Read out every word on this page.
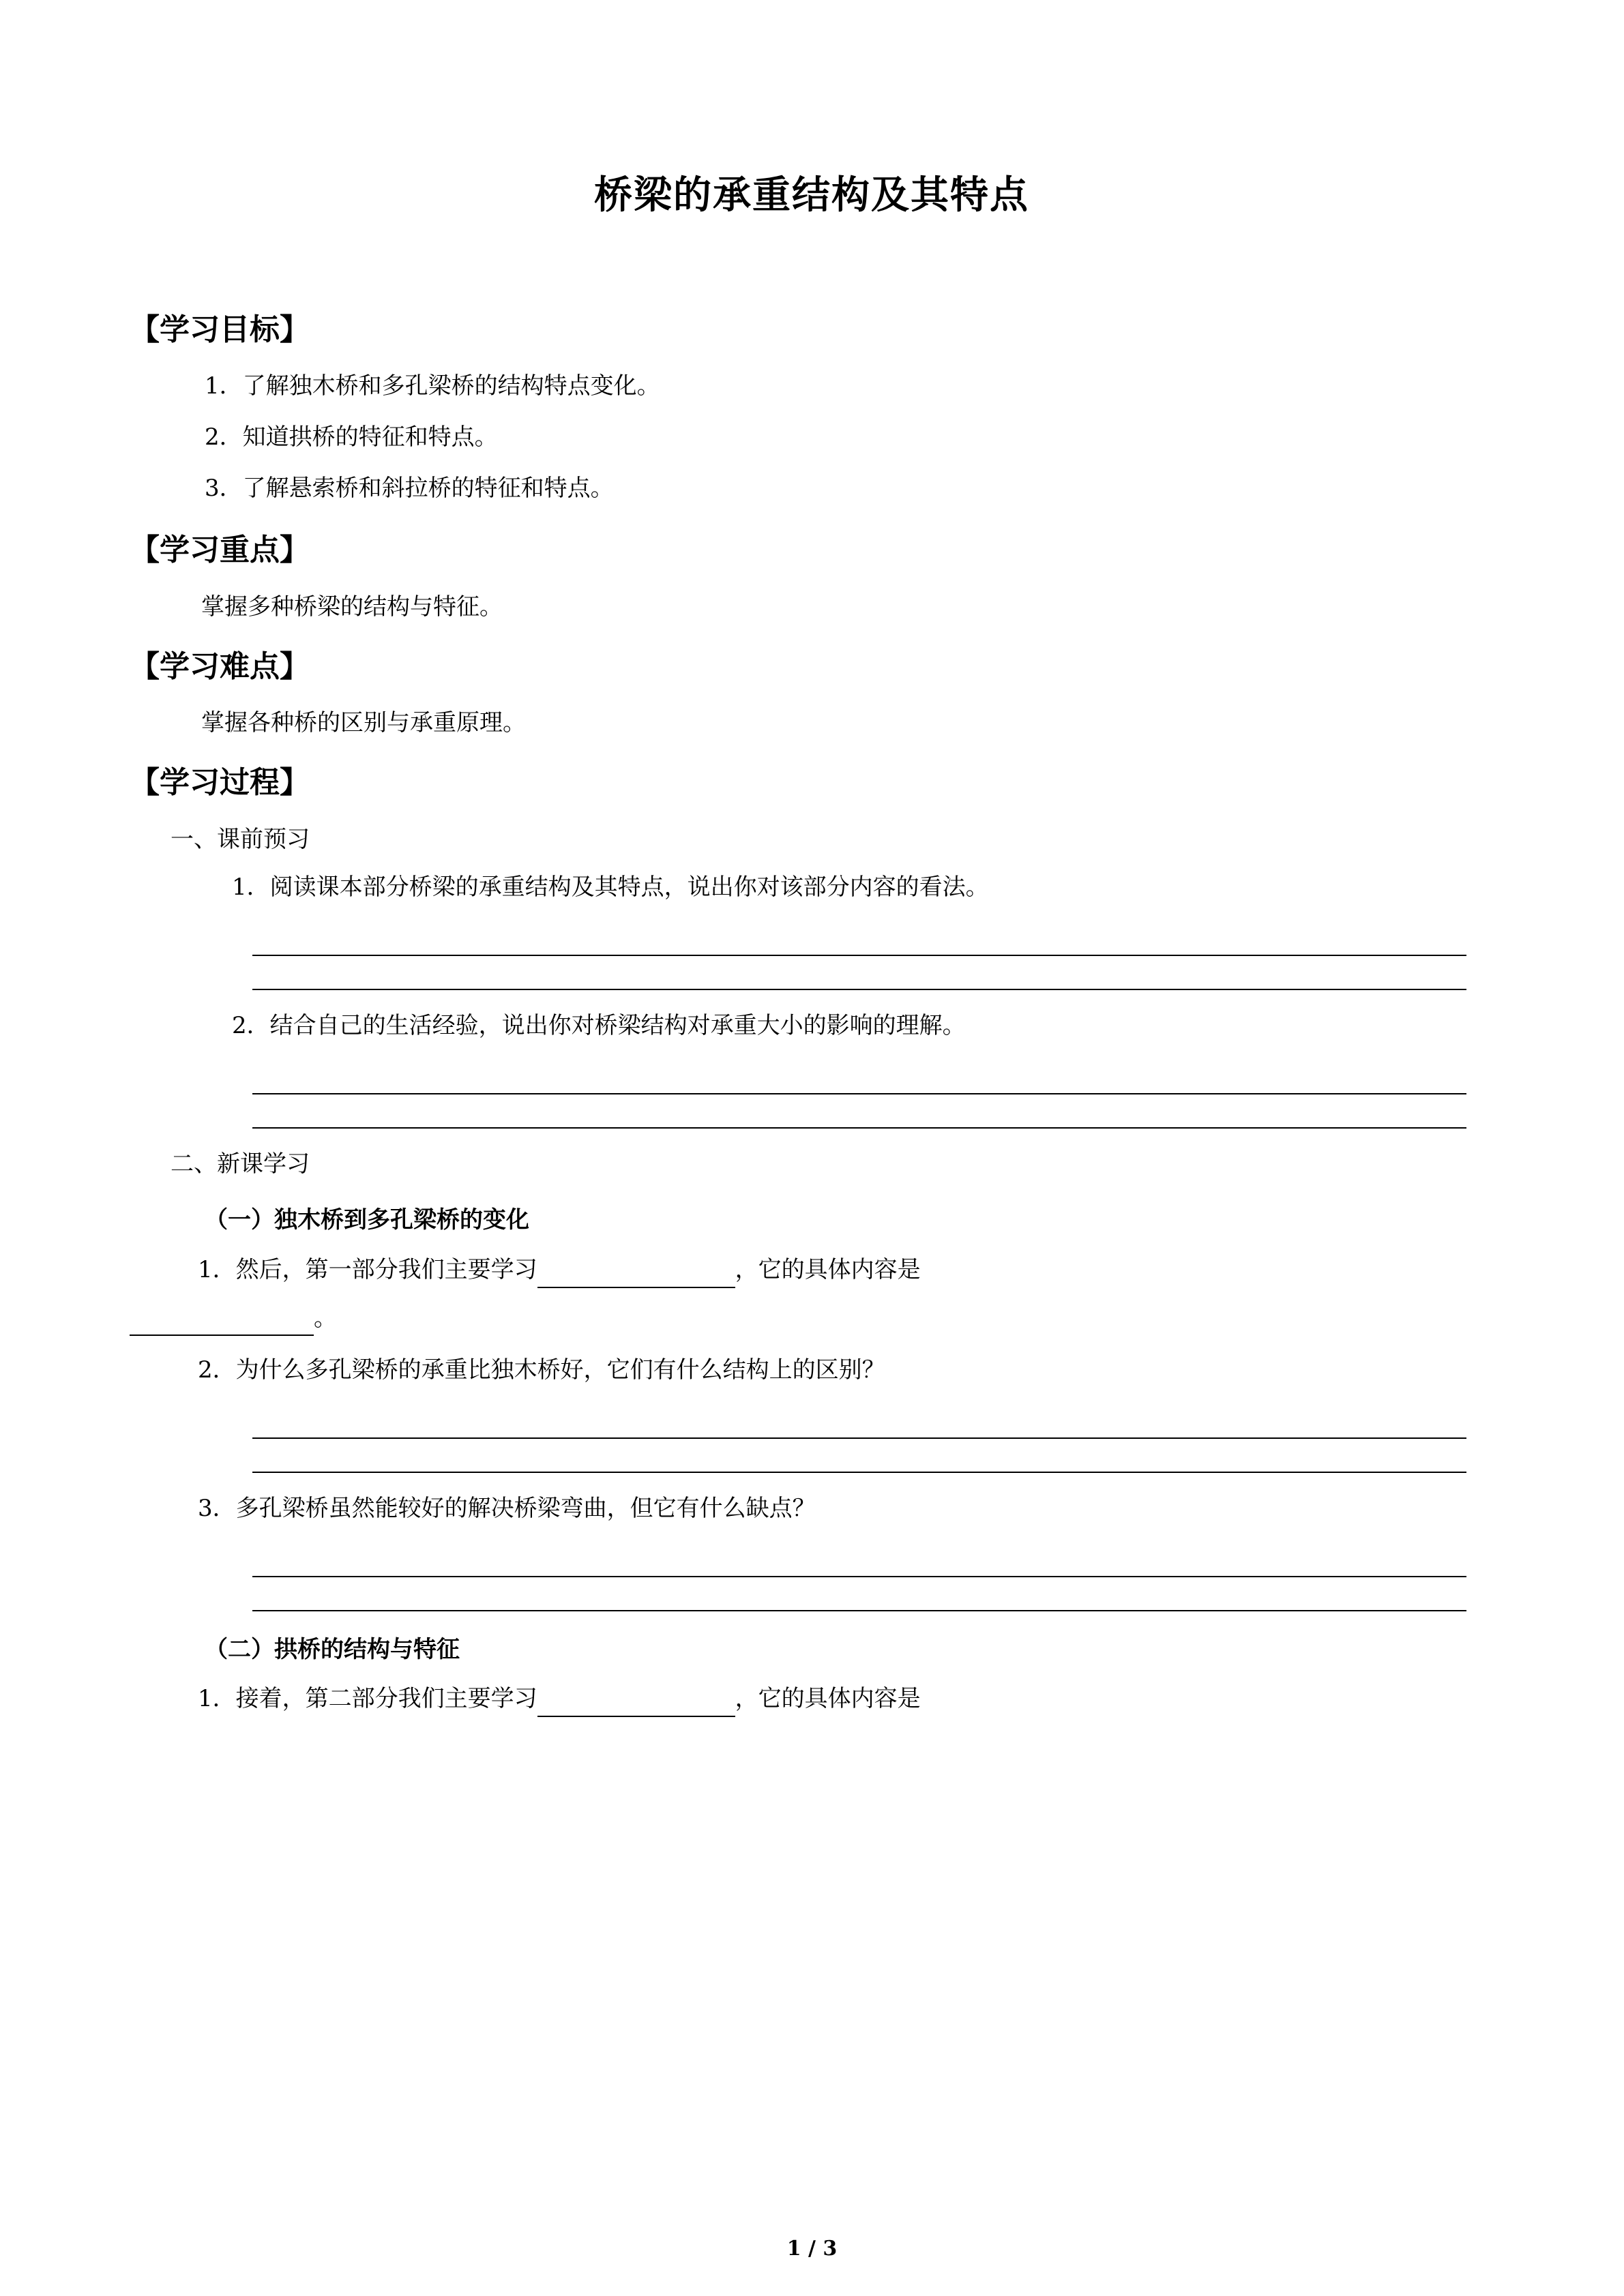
桥梁的承重结构及其特点
【学习目标】
1．了解独木桥和多孔梁桥的结构特点变化。
2．知道拱桥的特征和特点。
3．了解悬索桥和斜拉桥的特征和特点。
【学习重点】
掌握多种桥梁的结构与特征。
【学习难点】
掌握各种桥的区别与承重原理。
【学习过程】
一、课前预习
1．阅读课本部分桥梁的承重结构及其特点，说出你对该部分内容的看法。
2．结合自己的生活经验，说出你对桥梁结构对承重大小的影响的理解。
二、新课学习
（一）独木桥到多孔梁桥的变化
1．然后，第一部分我们主要学习	，它的具体内容是
。
2．为什么多孔梁桥的承重比独木桥好，它们有什么结构上的区别？
3．多孔梁桥虽然能较好的解决桥梁弯曲，但它有什么缺点？
（二）拱桥的结构与特征
1．接着，第二部分我们主要学习	，它的具体内容是
1 / 3
